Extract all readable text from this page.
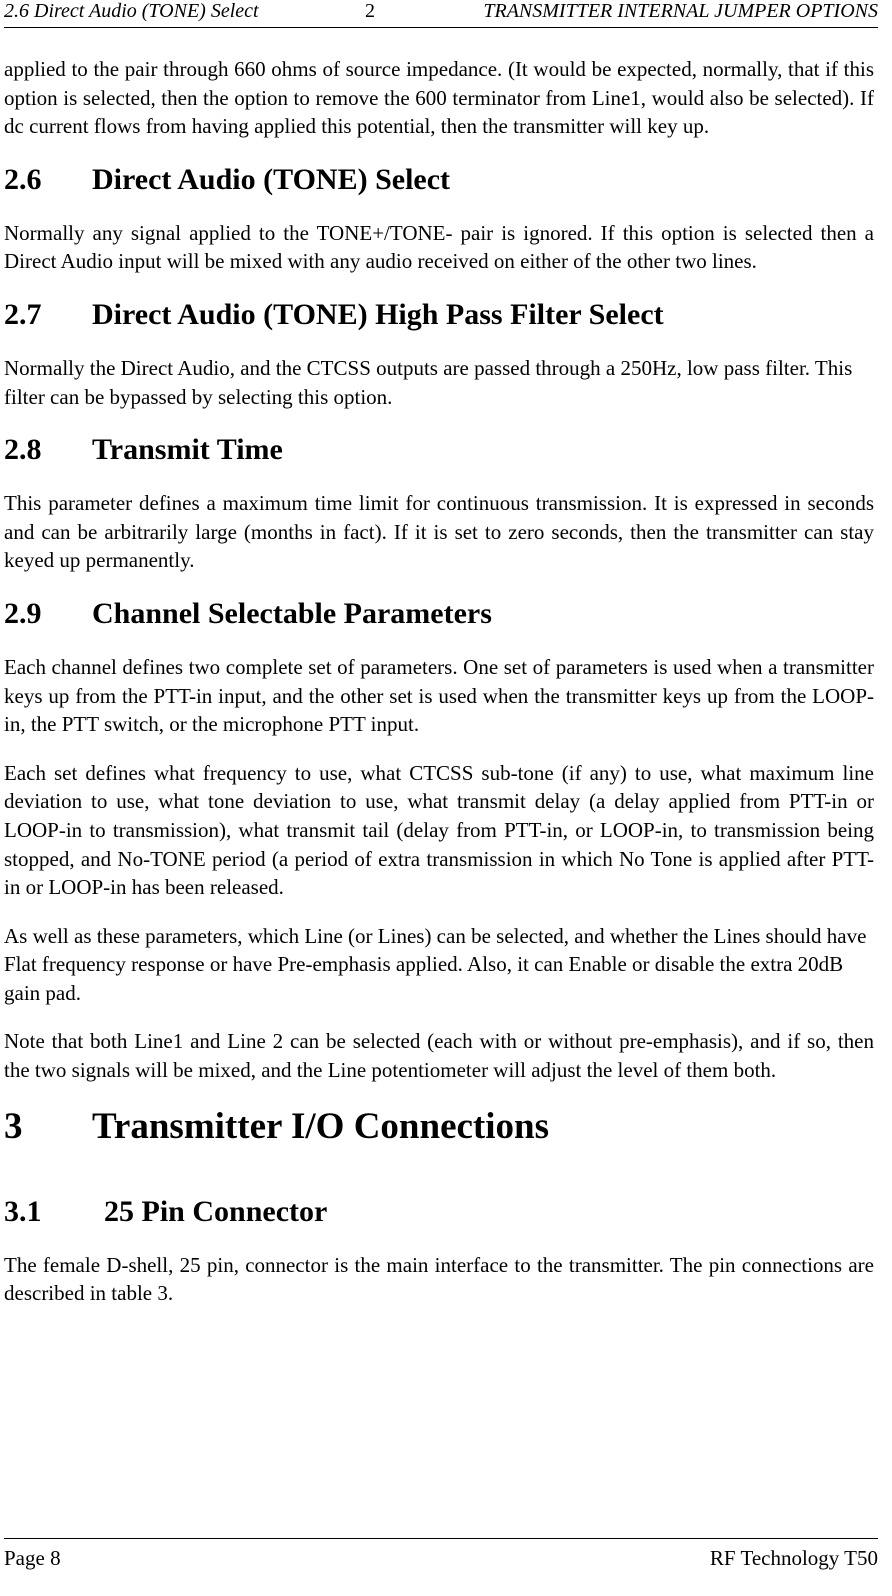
2.6 Direct Audio (TONE) Select	2	TRANSMITTER INTERNAL JUMPER OPTIONS

applied to the pair through 660 ohms of source impedance. (It would be expected, normally, that if this option is selected, then the option to remove the 600 terminator from Line1, would also be selected). If dc current flows from having applied this potential, then the transmitter will key up.

2.6	Direct Audio (TONE) Select

Normally any signal applied to the TONE+/TONE- pair is ignored. If this option is selected then a Direct Audio input will be mixed with any audio received on either of the other two lines.

2.7	Direct Audio (TONE) High Pass Filter Select

Normally the Direct Audio, and the CTCSS outputs are passed through a 250Hz, low pass filter. This filter can be bypassed by selecting this option.

2.8	Transmit Time

This parameter defines a maximum time limit for continuous transmission. It is expressed in seconds and can be arbitrarily large (months in fact). If it is set to zero seconds, then the transmitter can stay keyed up permanently.

2.9	Channel Selectable Parameters

Each channel defines two complete set of parameters. One set of parameters is used when a transmitter keys up from the PTT-in input, and the other set is used when the transmitter keys up from the LOOP-in, the PTT switch, or the microphone PTT input.

Each set defines what frequency to use, what CTCSS sub-tone (if any) to use, what maximum line deviation to use, what tone deviation to use, what transmit delay (a delay applied from PTT-in or LOOP-in to transmission), what transmit tail (delay from PTT-in, or LOOP-in, to transmission being stopped, and No-TONE period (a period of extra transmission in which No Tone is applied after PTT-in or LOOP-in has been released.

As well as these parameters, which Line (or Lines) can be selected, and whether the Lines should have Flat frequency response or have Pre-emphasis applied. Also, it can Enable or disable the extra 20dB gain pad.

Note that both Line1 and Line 2 can be selected (each with or without pre-emphasis), and if so, then the two signals will be mixed, and the Line potentiometer will adjust the level of them both.

3	Transmitter I/O Connections
3.1	25 Pin Connector

The female D-shell, 25 pin, connector is the main interface to the transmitter. The pin connections are described in table 3.

Page 8	RF Technology T50
